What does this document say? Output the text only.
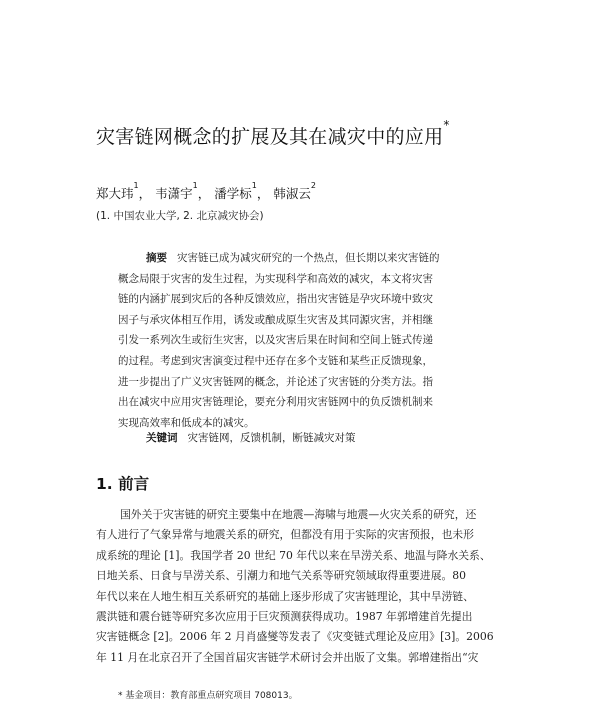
灾害链网概念的扩展及其在减灾中的应用*
郑大玮$^1$， 韦潇宇$^1$， 潘学标$^1$， 韩淑云$^2$
(1. 中国农业大学, 2. 北京减灾协会)
摘要 灾害链已成为减灾研究的一个热点，但长期以来灾害链的
概念局限于灾害的发生过程，为实现科学和高效的减灾，本文将灾害
链的内涵扩展到灾后的各种反馈效应，指出灾害链是孕灾环境中致灾
因子与承灾体相互作用，诱发或酿成原生灾害及其同源灾害，并相继
引发一系列次生或衍生灾害，以及灾害后果在时间和空间上链式传递
的过程。考虑到灾害演变过程中还存在多个支链和某些正反馈现象，
进一步提出了广义灾害链网的概念，并论述了灾害链的分类方法。指
出在减灾中应用灾害链理论，要充分利用灾害链网中的负反馈机制来
实现高效率和低成本的减灾。
关键词 灾害链网，反馈机制，断链减灾对策
1. 前言
国外关于灾害链的研究主要集中在地震—海啸与地震—火灾关系的研究，还
有人进行了气象异常与地震关系的研究，但都没有用于实际的灾害预报，也未形
成系统的理论 [1]。我国学者 20 世纪 70 年代以来在旱涝关系、地温与降水关系、
日地关系、日食与旱涝关系、引潮力和地气关系等研究领域取得重要进展。80
年代以来在人地生相互关系研究的基础上逐步形成了灾害链理论，其中旱涝链、
震洪链和震台链等研究多次应用于巨灾预测获得成功。1987 年郭增建首先提出
灾害链概念 [2]。2006 年 2 月肖盛燮等发表了《灾变链式理论及应用》[3]。2006
年 11 月在北京召开了全国首届灾害链学术研讨会并出版了文集。郭增建指出“灾
* 基金项目：教育部重点研究项目 708013。
